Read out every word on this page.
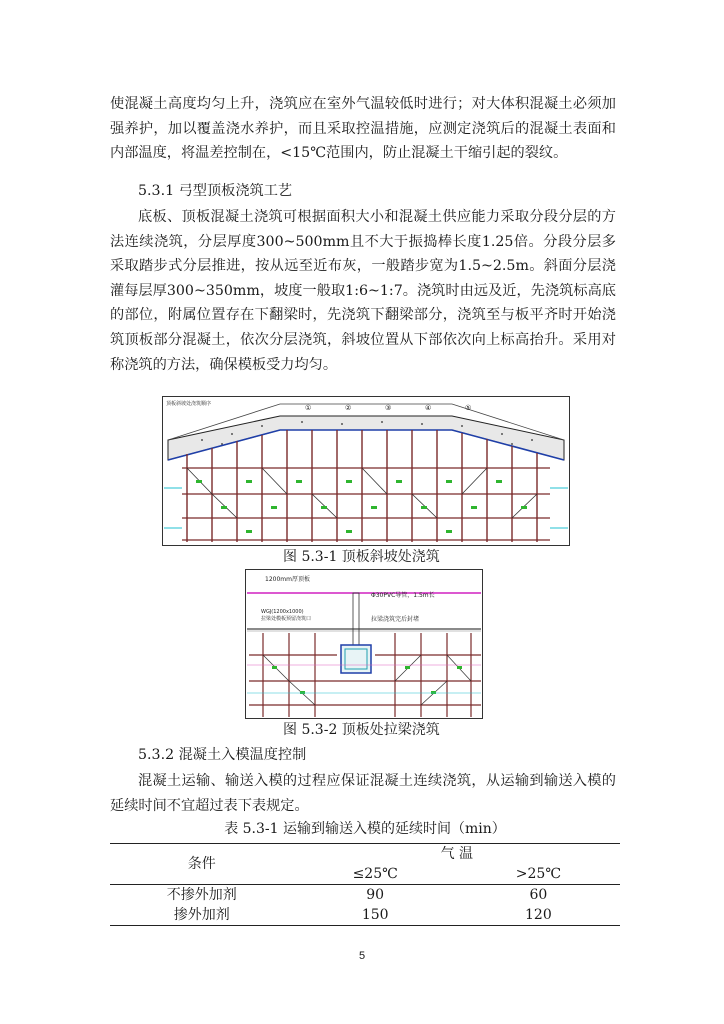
使混凝土高度均匀上升，浇筑应在室外气温较低时进行；对大体积混凝土必须加强养护，加以覆盖浇水养护，而且采取控温措施，应测定浇筑后的混凝土表面和内部温度，将温差控制在，<15℃范围内，防止混凝土干缩引起的裂纹。

5.3.1 弓型顶板浇筑工艺

底板、顶板混凝土浇筑可根据面积大小和混凝土供应能力采取分段分层的方法连续浇筑，分层厚度300~500mm且不大于振捣棒长度1.25倍。分段分层多采取踏步式分层推进，按从远至近布灰，一般踏步宽为1.5~2.5m。斜面分层浇灌每层厚300~350mm，坡度一般取1:6~1:7。浇筑时由远及近，先浇筑标高底的部位，附属位置存在下翻梁时，先浇筑下翻梁部分，浇筑至与板平齐时开始浇筑顶板部分混凝土，依次分层浇筑，斜坡位置从下部依次向上标高抬升。采用对称浇筑的方法，确保模板受力均匀。

①	②	③	④	⑤
顶板斜坡处浇筑顺序

图 5.3-1 顶板斜坡处浇筑

1200mm厚顶板
Φ30PVC导管，1.5m长
拉梁浇筑完后封堵
WGJ(1200x1000)
拉梁处模板预留浇筑口

图 5.3-2 顶板处拉梁浇筑

5.3.2 混凝土入模温度控制

混凝土运输、输送入模的过程应保证混凝土连续浇筑，从运输到输送入模的延续时间不宜超过表下表规定。

表 5.3-1 运输到输送入模的延续时间（min）

条件	气 温	
	≤25℃	>25℃
不掺外加剂	90	60
掺外加剂	150	120
5
